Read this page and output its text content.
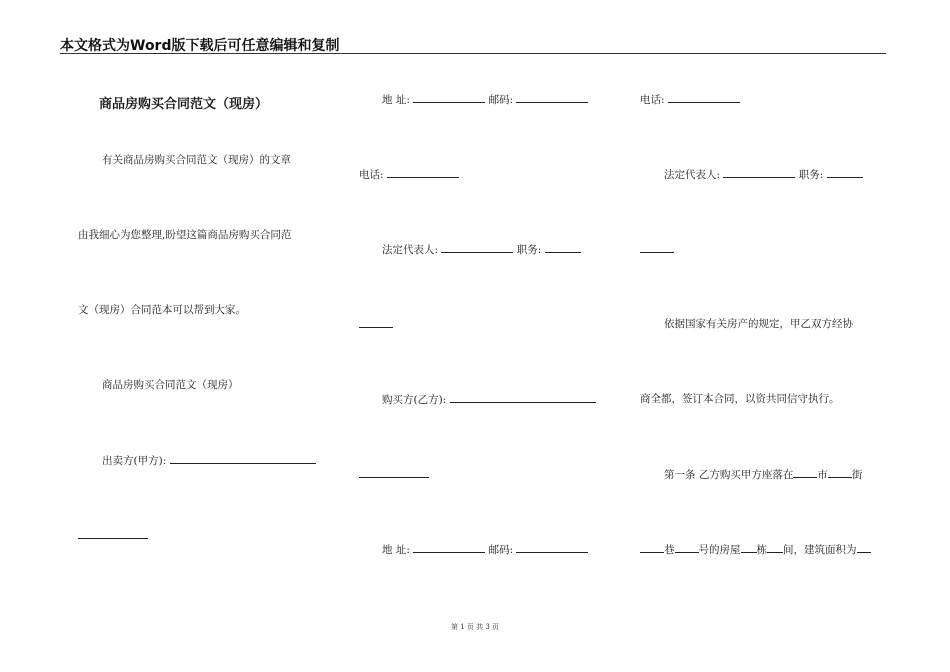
本文格式为Word版下载后可任意编辑和复制
商品房购买合同范文（现房）
有关商品房购买合同范文（现房）的文章
由我细心为您整理,盼望这篇商品房购买合同范
文（现房）合同范本可以帮到大家。
商品房购买合同范文（现房）
出卖方(甲方):
地 址:	邮码:
电话:
法定代表人:	职务:
购买方(乙方):
地 址:	邮码:
电话:
法定代表人:	职务:
依据国家有关房产的规定，甲乙双方经协
商全都，签订本合同，以资共同信守执行。
第一条 乙方购买甲方座落在 市 街
巷 号的房屋 栋 间，建筑面积为
第 1 页 共 3 页
